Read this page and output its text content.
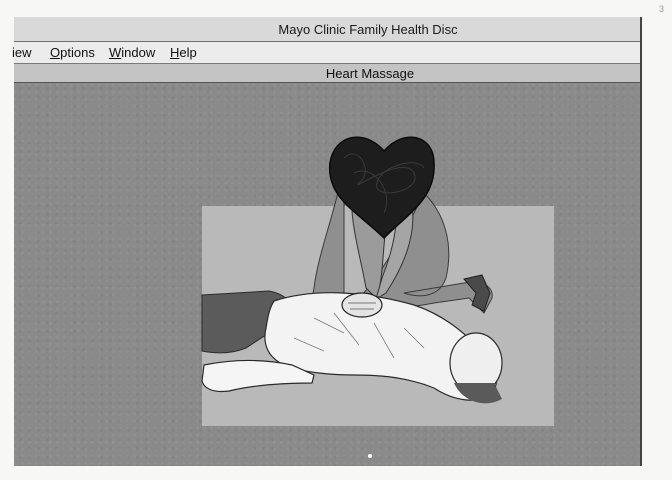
3
Mayo Clinic Family Health Disc
iew Options Window Help
Heart Massage
